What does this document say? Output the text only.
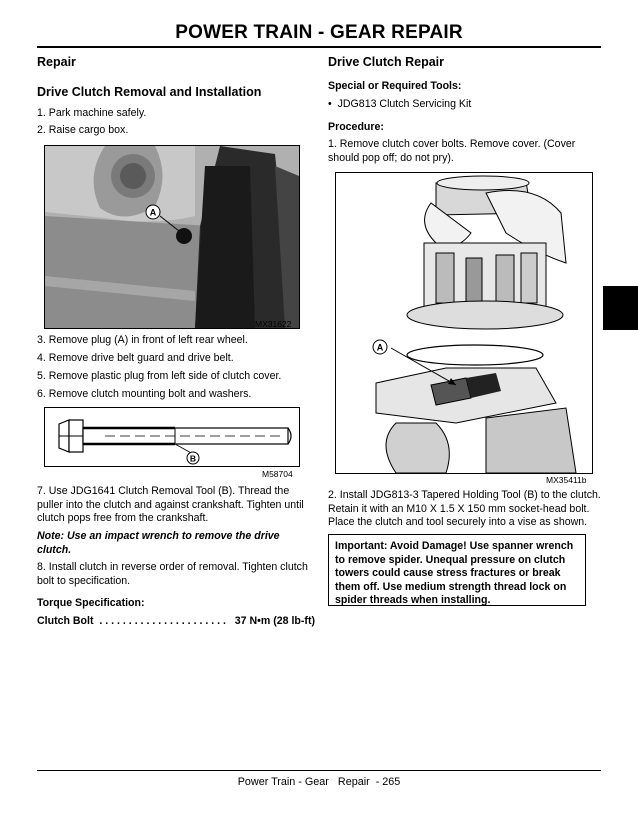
POWER TRAIN - GEAR REPAIR
Repair
Drive Clutch Removal and Installation
1. Park machine safely.
2. Raise cargo box.
A
MX31622
3. Remove plug (A) in front of left rear wheel.
4. Remove drive belt guard and drive belt.
5. Remove plastic plug from left side of clutch cover.
6. Remove clutch mounting bolt and washers.
B
M58704
7. Use JDG1641 Clutch Removal Tool (B). Thread the
puller into the clutch and against crankshaft. Tighten until
clutch pops free from the crankshaft.
Note: Use an impact wrench to remove the drive
clutch.
8. Install clutch in reverse order of removal. Tighten clutch
bolt to specification.
Torque Specification:
Clutch Bolt  . . . . . . . . . . . . . . . . . . . . . .   37 N•m (28 lb-ft)
Drive Clutch Repair
Special or Required Tools:
• JDG813 Clutch Servicing Kit
Procedure:
1. Remove clutch cover bolts. Remove cover. (Cover
should pop off; do not pry).
A
MX35411b
2. Install JDG813-3 Tapered Holding Tool (B) to the clutch.
Retain it with an M10 X 1.5 X 150 mm socket-head bolt.
Place the clutch and tool securely into a vise as shown.
Important: Avoid Damage! Use spanner wrench
to remove spider. Unequal pressure on clutch
towers could cause stress fractures or break
them off. Use medium strength thread lock on
spider threads when installing.
Power Train - Gear   Repair  - 265
